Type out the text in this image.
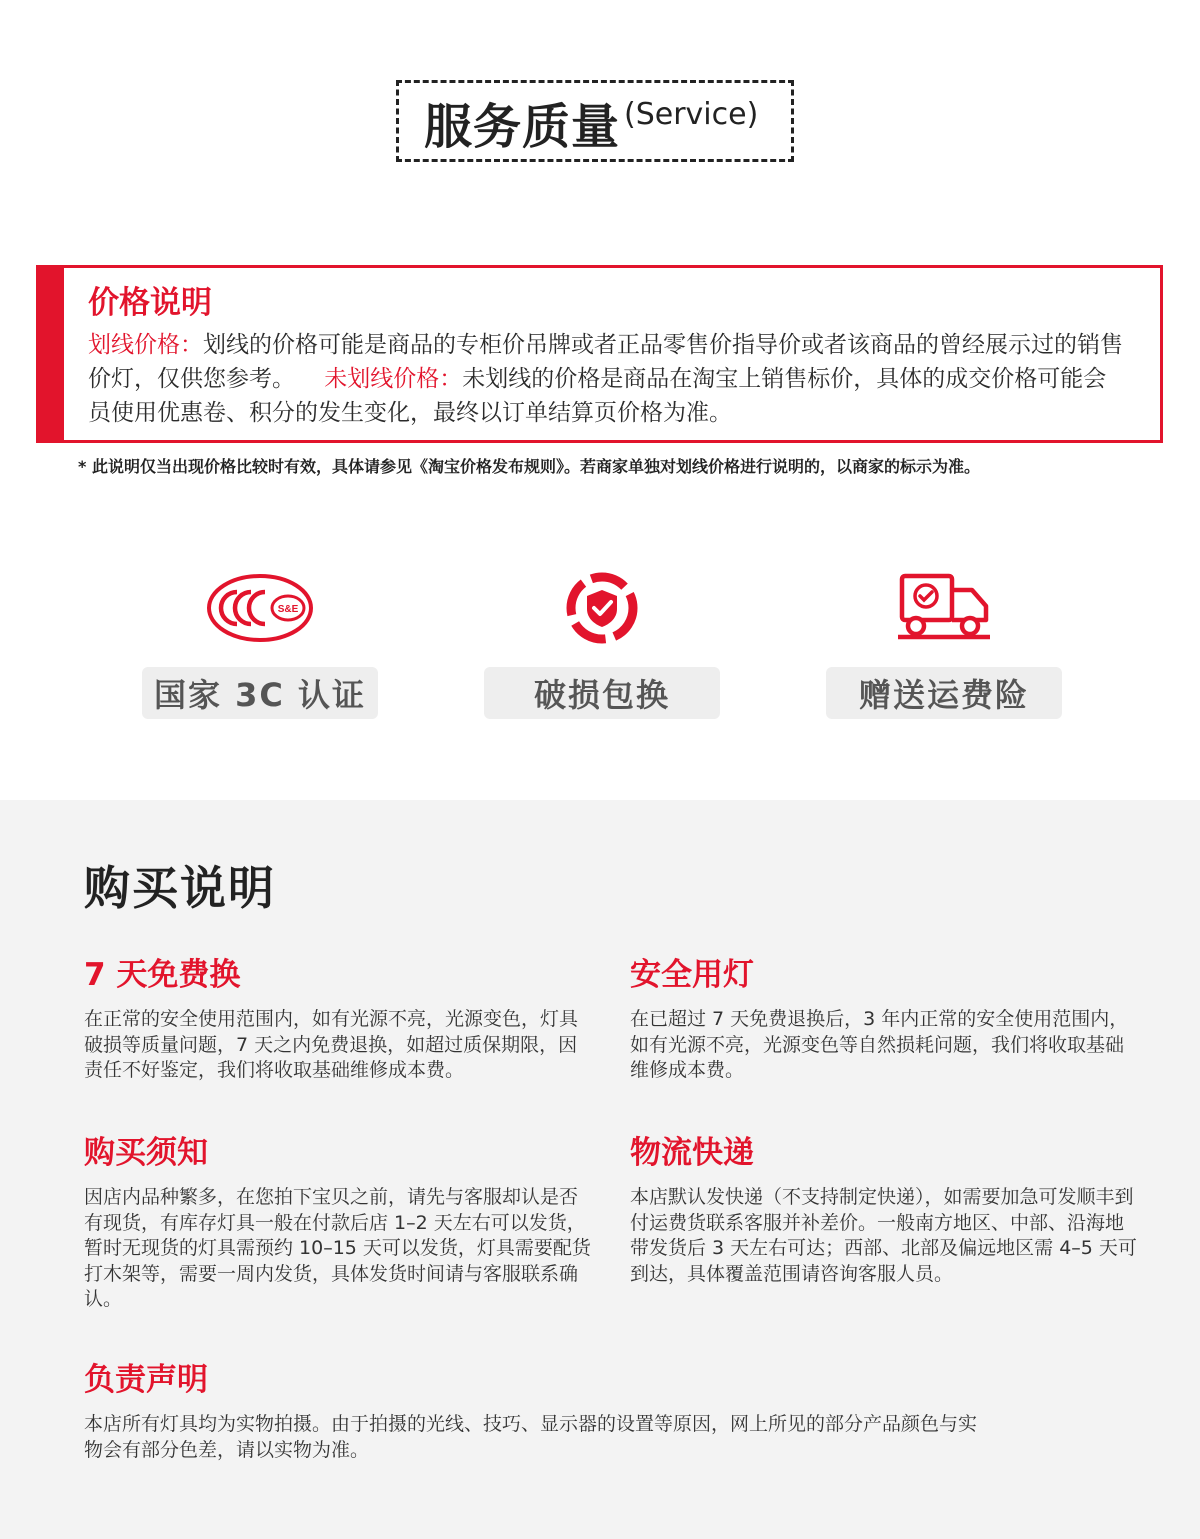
服务质量 (Service)
价格说明
划线价格：划线的价格可能是商品的专柜价吊牌或者正品零售价指导价或者该商品的曾经展示过的销售价灯，仅供您参考。 未划线价格：未划线的价格是商品在淘宝上销售标价，具体的成交价格可能会员使用优惠卷、积分的发生变化，最终以订单结算页价格为准。
* 此说明仅当出现价格比较时有效，具体请参见《淘宝价格发布规则》。若商家单独对划线价格进行说明的，以商家的标示为准。
S&E
国家 3C 认证	破损包换	赠送运费险
购买说明
7 天免费换

在正常的安全使用范围内，如有光源不亮，光源变色，灯具破损等质量问题，7 天之内免费退换，如超过质保期限，因责任不好鉴定，我们将收取基础维修成本费。

安全用灯

在已超过 7 天免费退换后，3 年内正常的安全使用范围内，如有光源不亮，光源变色等自然损耗问题，我们将收取基础维修成本费。

购买须知

因店内品种繁多，在您拍下宝贝之前，请先与客服却认是否有现货，有库存灯具一般在付款后店 1–2 天左右可以发货，暂时无现货的灯具需预约 10–15 天可以发货，灯具需要配货打木架等，需要一周内发货，具体发货时间请与客服联系确认。

物流快递

本店默认发快递（不支持制定快递），如需要加急可发顺丰到付运费货联系客服并补差价。一般南方地区、中部、沿海地带发货后 3 天左右可达；西部、北部及偏远地区需 4–5 天可到达，具体覆盖范围请咨询客服人员。

负责声明

本店所有灯具均为实物拍摄。由于拍摄的光线、技巧、显示器的设置等原因，网上所见的部分产品颜色与实物会有部分色差，请以实物为准。
